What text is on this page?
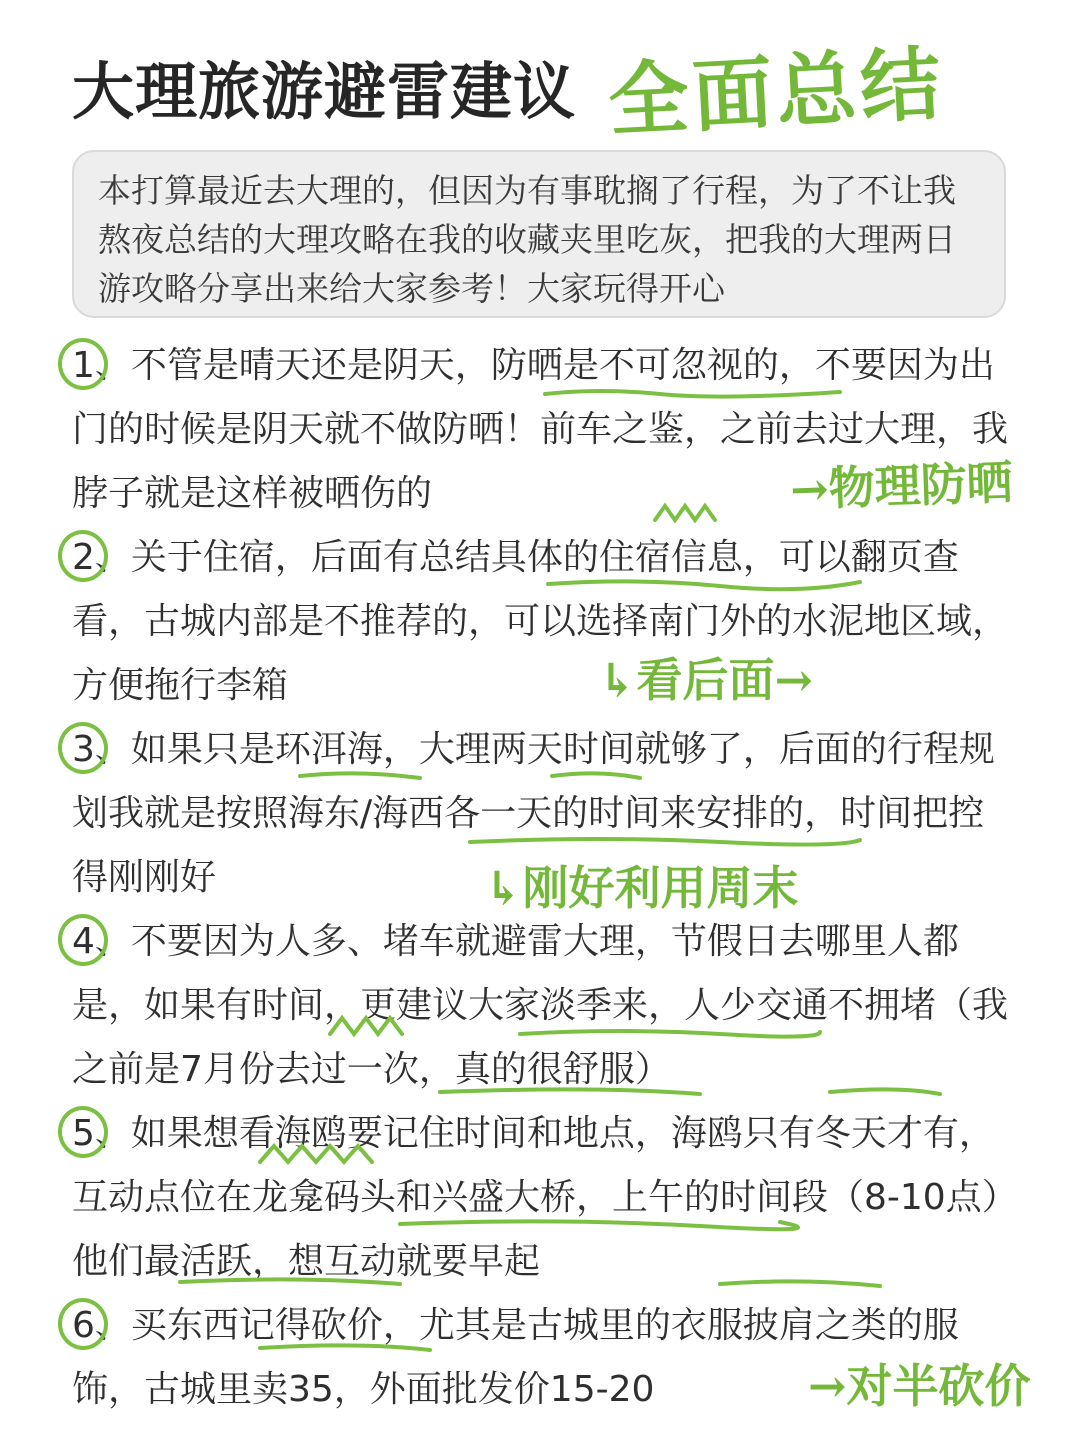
大理旅游避雷建议 全面总结
本打算最近去大理的，但因为有事耽搁了行程，为了不让我熬夜总结的大理攻略在我的收藏夹里吃灰，把我的大理两日游攻略分享出来给大家参考！大家玩得开心
1、不管是晴天还是阴天，防晒是不可忽视的，不要因为出门的时候是阴天就不做防晒！前车之鉴，之前去过大理，我脖子就是这样被晒伤的
2、关于住宿，后面有总结具体的住宿信息，可以翻页查看，古城内部是不推荐的，可以选择南门外的水泥地区域，方便拖行李箱
3、如果只是环洱海，大理两天时间就够了，后面的行程规划我就是按照海东/海西各一天的时间来安排的，时间把控得刚刚好
4、不要因为人多、堵车就避雷大理，节假日去哪里人都是，如果有时间，更建议大家淡季来，人少交通不拥堵（我之前是7月份去过一次，真的很舒服）
5、如果想看海鸥要记住时间和地点，海鸥只有冬天才有，互动点位在龙龛码头和兴盛大桥，上午的时间段（8-10点）他们最活跃，想互动就要早起
6、买东西记得砍价，尤其是古城里的衣服披肩之类的服饰，古城里卖35，外面批发价15-20
→物理防晒
↳看后面→
↳刚好利用周末
→对半砍价
